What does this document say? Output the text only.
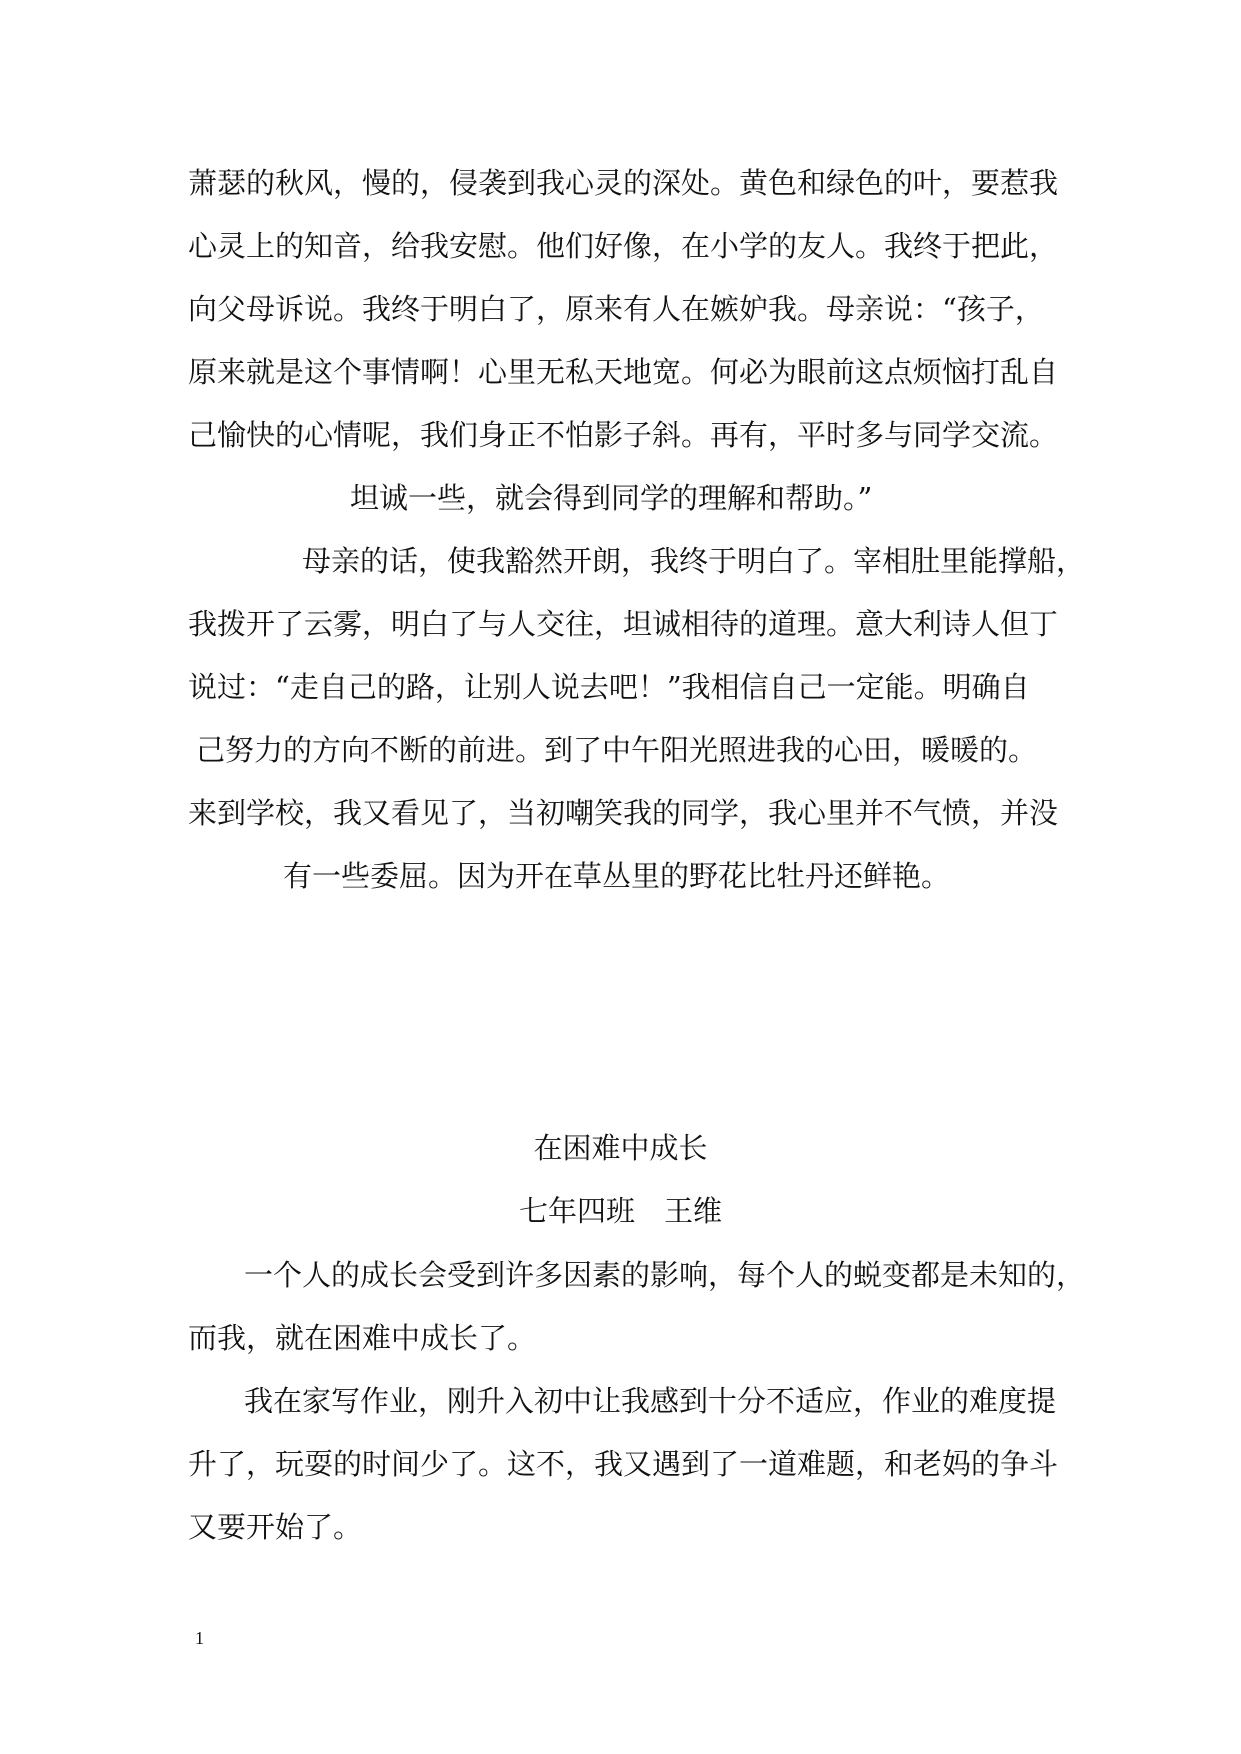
萧瑟的秋风，慢的，侵袭到我心灵的深处。黄色和绿色的叶，要惹我
心灵上的知音，给我安慰。他们好像，在小学的友人。我终于把此，
向父母诉说。我终于明白了，原来有人在嫉妒我。母亲说：“孩子，
原来就是这个事情啊！心里无私天地宽。何必为眼前这点烦恼打乱自
己愉快的心情呢，我们身正不怕影子斜。再有，平时多与同学交流。
坦诚一些，就会得到同学的理解和帮助。”
母亲的话，使我豁然开朗，我终于明白了。宰相肚里能撑船，
我拨开了云雾，明白了与人交往，坦诚相待的道理。意大利诗人但丁
说过：“走自己的路，让别人说去吧！”我相信自己一定能。明确自
己努力的方向不断的前进。到了中午阳光照进我的心田，暖暖的。
来到学校，我又看见了，当初嘲笑我的同学，我心里并不气愤，并没
有一些委屈。因为开在草丛里的野花比牡丹还鲜艳。
在困难中成长
七年四班　王维
一个人的成长会受到许多因素的影响，每个人的蜕变都是未知的，
而我，就在困难中成长了。
我在家写作业，刚升入初中让我感到十分不适应，作业的难度提
升了，玩耍的时间少了。这不，我又遇到了一道难题，和老妈的争斗
又要开始了。
1
